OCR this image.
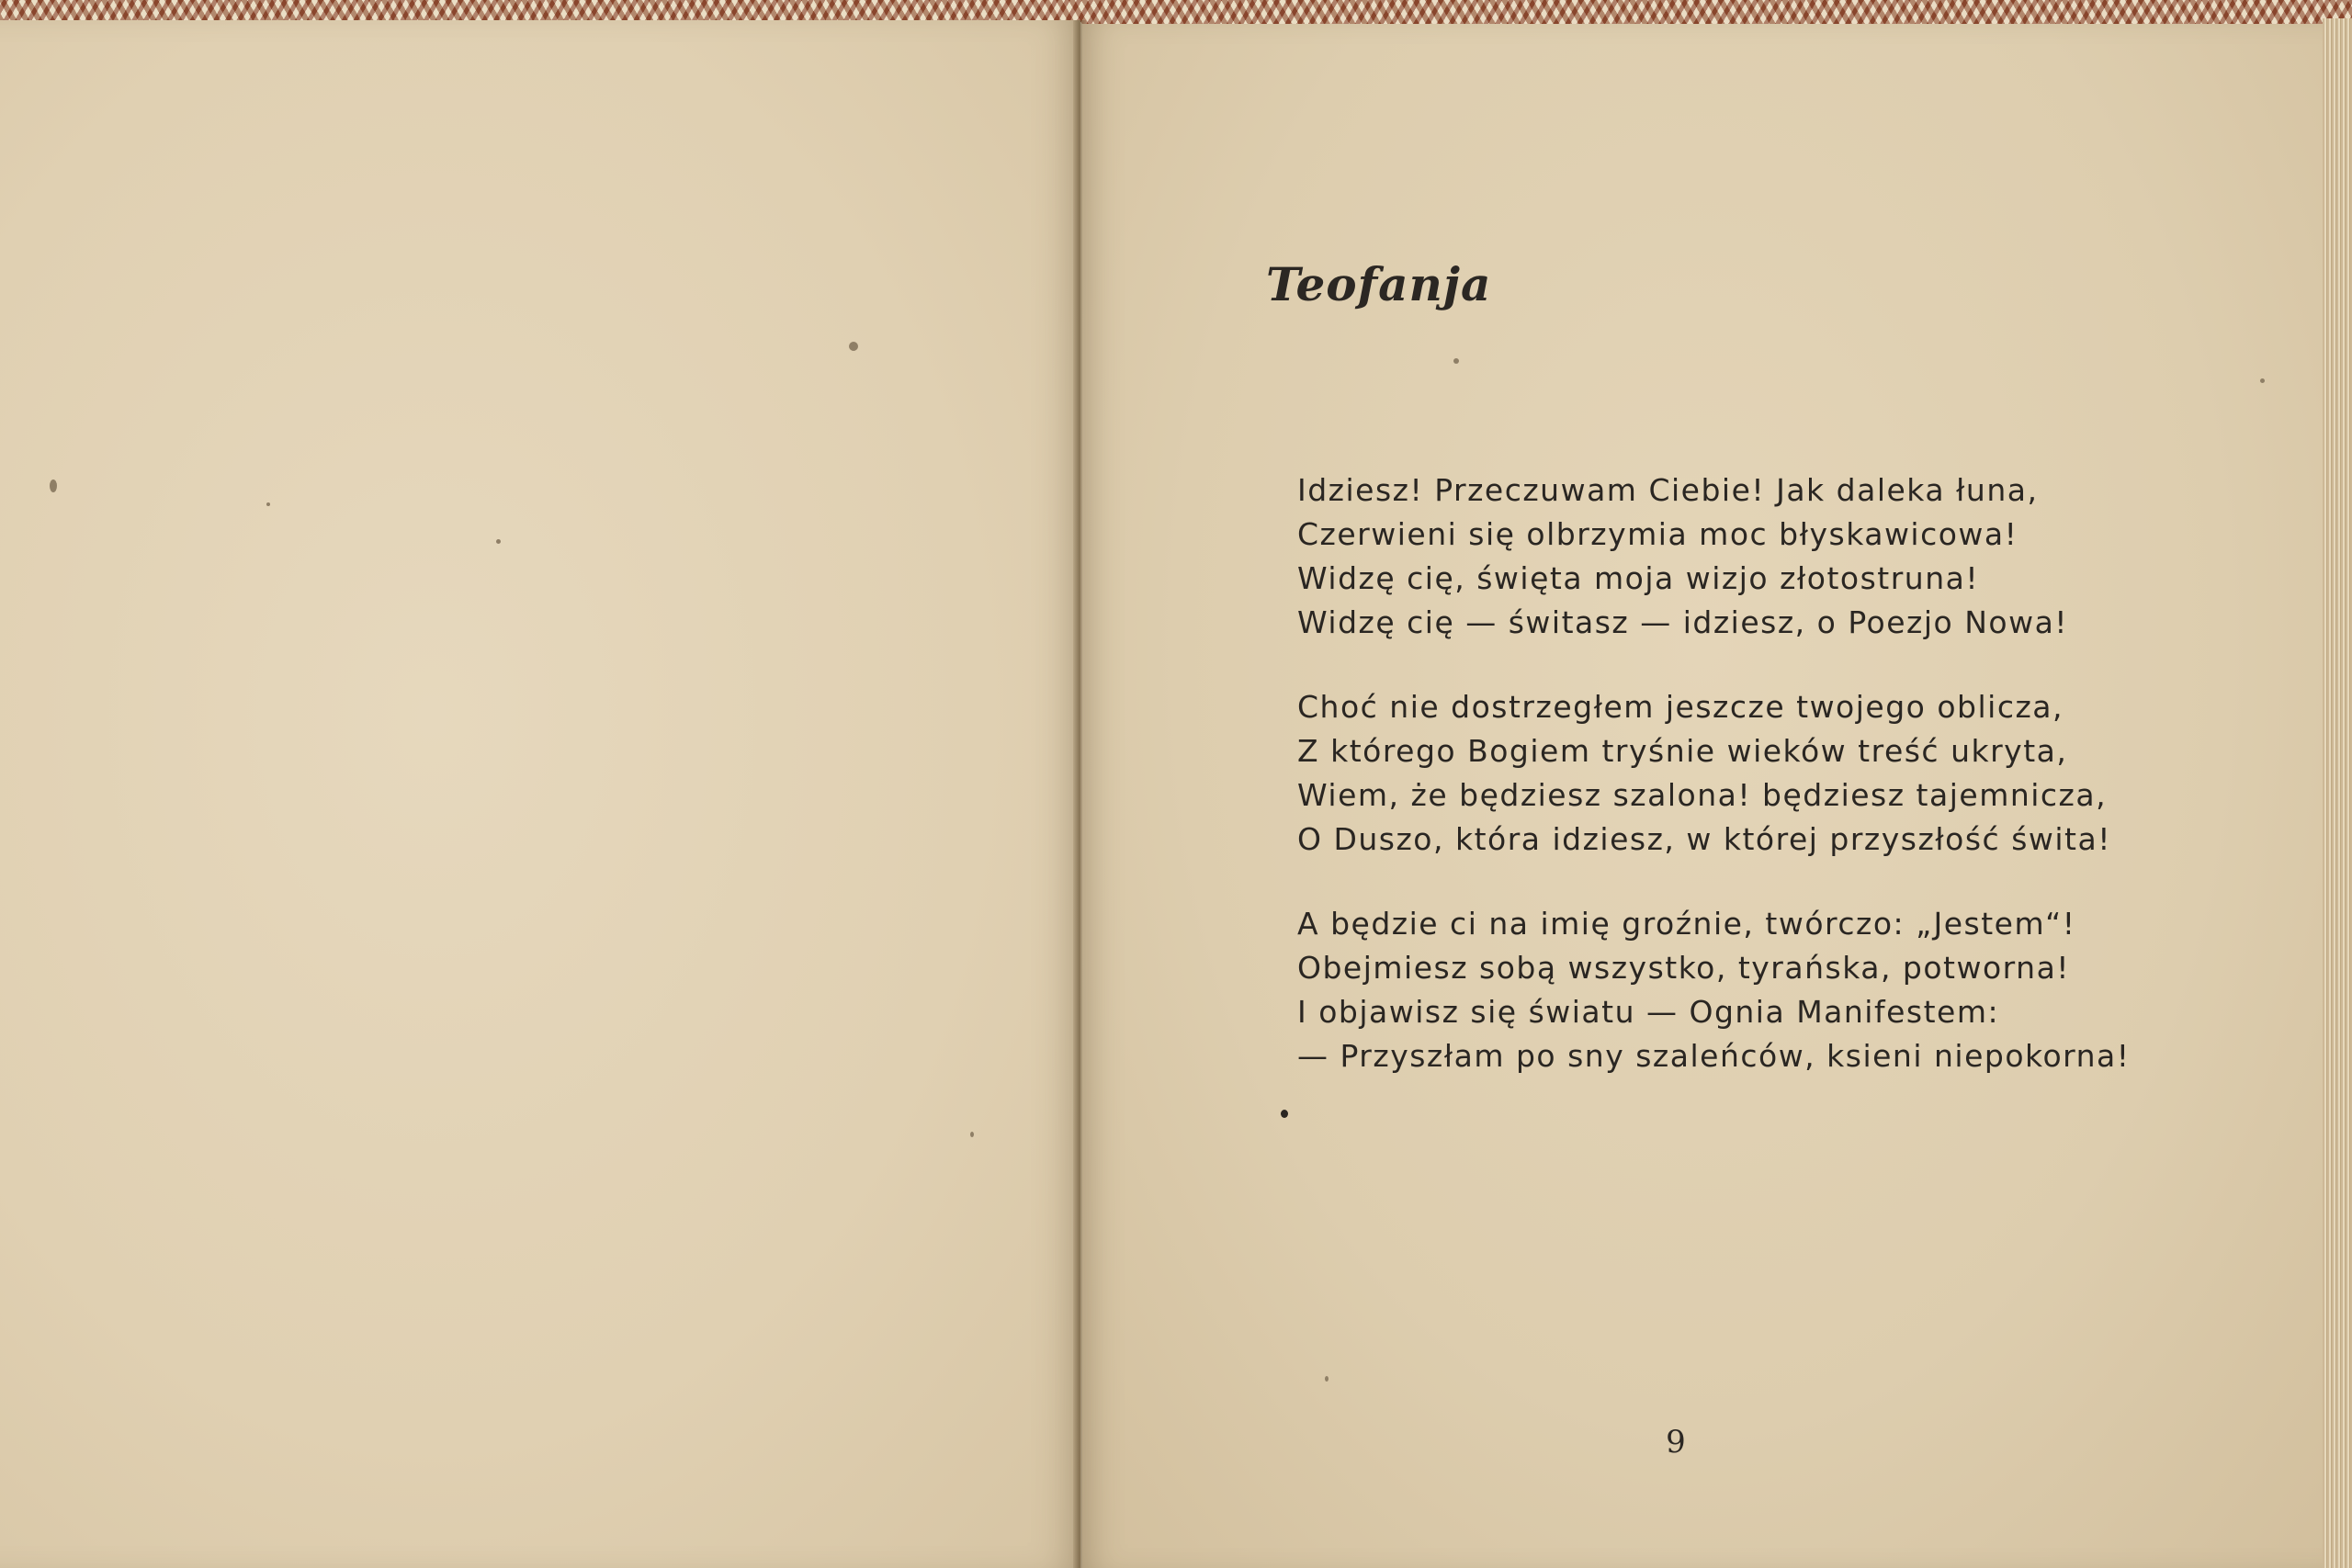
Teofanja
Idziesz! Przeczuwam Ciebie! Jak daleka łuna,
Czerwieni się olbrzymia moc błyskawicowa!
Widzę cię, święta moja wizjo złotostruna!
Widzę cię — świtasz — idziesz, o Poezjo Nowa!
Choć nie dostrzegłem jeszcze twojego oblicza,
Z którego Bogiem tryśnie wieków treść ukryta,
Wiem, że będziesz szalona! będziesz tajemnicza,
O Duszo, która idziesz, w której przyszłość świta!
A będzie ci na imię groźnie, twórczo: „Jestem“!
Obejmiesz sobą wszystko, tyrańska, potworna!
I objawisz się światu — Ognia Manifestem:
— Przyszłam po sny szaleńców, ksieni niepokorna!
9
